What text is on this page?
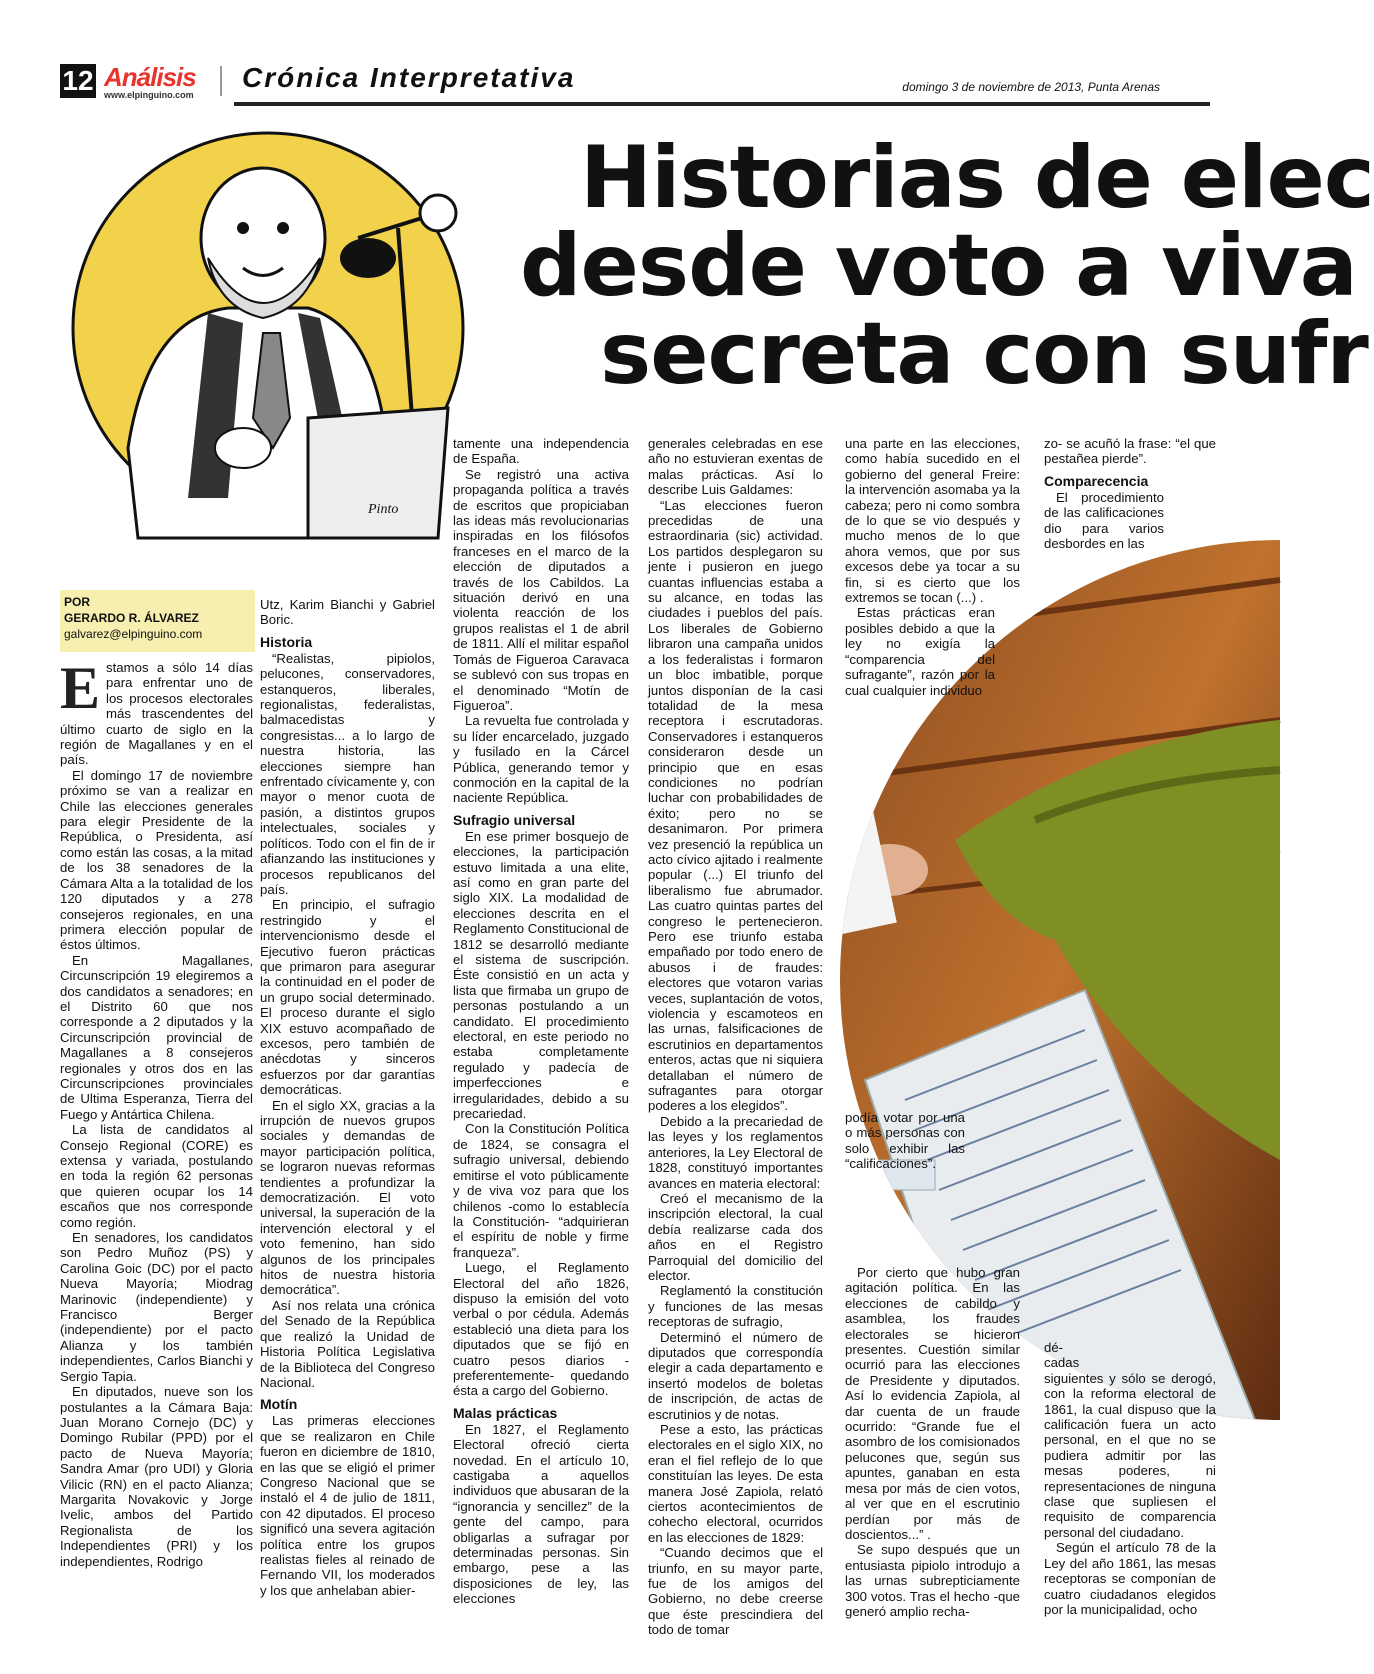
12 Análisis
www.elpinguino.com
Crónica Interpretativa	domingo 3 de noviembre de 2013, Punta Arenas
Historias de elec
desde voto a viva
secreta con sufr
Pinto
POR
GERARDO R. ÁLVAREZ
galvarez@elpinguino.com

Estamos a sólo 14 días para enfrentar uno de los procesos electorales más trascendentes del último cuarto de siglo en la región de Magallanes y en el país.

El domingo 17 de noviembre próximo se van a realizar en Chile las elecciones generales para elegir Presidente de la República, o Presidenta, así como están las cosas, a la mitad de los 38 senadores de la Cámara Alta a la totalidad de los 120 diputados y a 278 consejeros regionales, en una primera elección popular de éstos últimos.

En Magallanes, Circunscripción 19 elegiremos a dos candidatos a senadores; en el Distrito 60 que nos corresponde a 2 diputados y la Circunscripción provincial de Magallanes a 8 consejeros regionales y otros dos en las Circunscripciones provinciales de Ultima Esperanza, Tierra del Fuego y Antártica Chilena.

La lista de candidatos al Consejo Regional (CORE) es extensa y variada, postulando en toda la región 62 personas que quieren ocupar los 14 escaños que nos corresponde como región.

En senadores, los candidatos son Pedro Muñoz (PS) y Carolina Goic (DC) por el pacto Nueva Mayoría; Miodrag Marinovic (independiente) y Francisco Berger (independiente) por el pacto Alianza y los también independientes, Carlos Bianchi y Sergio Tapia.

En diputados, nueve son los postulantes a la Cámara Baja: Juan Morano Cornejo (DC) y Domingo Rubilar (PPD) por el pacto de Nueva Mayoría; Sandra Amar (pro UDI) y Gloria Vilicic (RN) en el pacto Alianza; Margarita Novakovic y Jorge Ivelic, ambos del Partido Regionalista de los Independientes (PRI) y los independientes, Rodrigo

Utz, Karim Bianchi y Gabriel Boric.

Historia

“Realistas, pipiolos, pelucones, conservadores, estanqueros, liberales, regionalistas, federalistas, balmacedistas y congresistas... a lo largo de nuestra historia, las elecciones siempre han enfrentado cívicamente y, con mayor o menor cuota de pasión, a distintos grupos intelectuales, sociales y políticos. Todo con el fin de ir afianzando las instituciones y procesos republicanos del país.

En principio, el sufragio restringido y el intervencionismo desde el Ejecutivo fueron prácticas que primaron para asegurar la continuidad en el poder de un grupo social determinado. El proceso durante el siglo XIX estuvo acompañado de excesos, pero también de anécdotas y sinceros esfuerzos por dar garantías democráticas.

En el siglo XX, gracias a la irrupción de nuevos grupos sociales y demandas de mayor participación política, se lograron nuevas reformas tendientes a profundizar la democratización. El voto universal, la superación de la intervención electoral y el voto femenino, han sido algunos de los principales hitos de nuestra historia democrática”.

Así nos relata una crónica del Senado de la República que realizó la Unidad de Historia Política Legislativa de la Biblioteca del Congreso Nacional.

Motín

Las primeras elecciones que se realizaron en Chile fueron en diciembre de 1810, en las que se eligió el primer Congreso Nacional que se instaló el 4 de julio de 1811, con 42 diputados. El proceso significó una severa agitación política entre los grupos realistas fieles al reinado de Fernando VII, los moderados y los que anhelaban abier-

tamente una independencia de España.

Se registró una activa propaganda política a través de escritos que propiciaban las ideas más revolucionarias inspiradas en los filósofos franceses en el marco de la elección de diputados a través de los Cabildos. La situación derivó en una violenta reacción de los grupos realistas el 1 de abril de 1811. Allí el militar español Tomás de Figueroa Caravaca se sublevó con sus tropas en el denominado “Motín de Figueroa”.

La revuelta fue controlada y su líder encarcelado, juzgado y fusilado en la Cárcel Pública, generando temor y conmoción en la capital de la naciente República.

Sufragio universal

En ese primer bosquejo de elecciones, la participación estuvo limitada a una elite, así como en gran parte del siglo XIX. La modalidad de elecciones descrita en el Reglamento Constitucional de 1812 se desarrolló mediante el sistema de suscripción. Éste consistió en un acta y lista que firmaba un grupo de personas postulando a un candidato. El procedimiento electoral, en este periodo no estaba completamente regulado y padecía de imperfecciones e irregularidades, debido a su precariedad.

Con la Constitución Política de 1824, se consagra el sufragio universal, debiendo emitirse el voto públicamente y de viva voz para que los chilenos -como lo establecía la Constitución- “adquirieran el espíritu de noble y firme franqueza”.

Luego, el Reglamento Electoral del año 1826, dispuso la emisión del voto verbal o por cédula. Además estableció una dieta para los diputados que se fijó en cuatro pesos diarios -preferentemente- quedando ésta a cargo del Gobierno.

Malas prácticas

En 1827, el Reglamento Electoral ofreció cierta novedad. En el artículo 10, castigaba a aquellos individuos que abusaran de la “ignorancia y sencillez” de la gente del campo, para obligarlas a sufragar por determinadas personas. Sin embargo, pese a las disposiciones de ley, las elecciones

generales celebradas en ese año no estuvieran exentas de malas prácticas. Así lo describe Luis Galdames:

“Las elecciones fueron precedidas de una estraordinaria (sic) actividad. Los partidos desplegaron su jente i pusieron en juego cuantas influencias estaba a su alcance, en todas las ciudades i pueblos del país. Los liberales de Gobierno libraron una campaña unidos a los federalistas i formaron un bloc imbatible, porque juntos disponían de la casi totalidad de la mesa receptora i escrutadoras. Conservadores i estanqueros consideraron desde un principio que en esas condiciones no podrían luchar con probabilidades de éxito; pero no se desanimaron. Por primera vez presenció la república un acto cívico ajitado i realmente popular (...) El triunfo del liberalismo fue abrumador. Las cuatro quintas partes del congreso le pertenecieron. Pero ese triunfo estaba empañado por todo enero de abusos i de fraudes: electores que votaron varias veces, suplantación de votos, violencia y escamoteos en las urnas, falsificaciones de escrutinios en departamentos enteros, actas que ni siquiera detallaban el número de sufragantes para otorgar poderes a los elegidos”.

Debido a la precariedad de las leyes y los reglamentos anteriores, la Ley Electoral de 1828, constituyó importantes avances en materia electoral:

Creó el mecanismo de la inscripción electoral, la cual debía realizarse cada dos años en el Registro Parroquial del domicilio del elector.

Reglamentó la constitución y funciones de las mesas receptoras de sufragio,

Determinó el número de diputados que correspondía elegir a cada departamento e insertó modelos de boletas de inscripción, de actas de escrutinios y de notas.

Pese a esto, las prácticas electorales en el siglo XIX, no eran el fiel reflejo de lo que constituían las leyes. De esta manera José Zapiola, relató ciertos acontecimientos de cohecho electoral, ocurridos en las elecciones de 1829:

“Cuando decimos que el triunfo, en su mayor parte, fue de los amigos del Gobierno, no debe creerse que éste prescindiera del todo de tomar

una parte en las elecciones, como había sucedido en el gobierno del general Freire: la intervención asomaba ya la cabeza; pero ni como sombra de lo que se vio después y mucho menos de lo que ahora vemos, que por sus excesos debe ya tocar a su fin, si es cierto que los extremos se tocan (...) .

Estas prácticas eran posibles debido a que la ley no exigía la “comparencia del sufragante”, razón por la cual cualquier individuo

podía votar por una o más personas con solo exhibir las “calificaciones”.

Por cierto que hubo gran agitación política. En las elecciones de cabildo y asamblea, los fraudes electorales se hicieron presentes. Cuestión similar ocurrió para las elecciones de Presidente y diputados. Así lo evidencia Zapiola, al dar cuenta de un fraude ocurrido: “Grande fue el asombro de los comisionados pelucones que, según sus apuntes, ganaban en esta mesa por más de cien votos, al ver que en el escrutinio perdían por más de doscientos...” .

Se supo después que un entusiasta pipiolo introdujo a las urnas subrepticiamente 300 votos. Tras el hecho -que generó amplio recha-

zo- se acuñó la frase: “el que pestañea pierde”.

Comparecencia

El procedimiento de las calificaciones dio para varios desbordes en las

dé-

cadas

siguientes y sólo se derogó, con la reforma electoral de 1861, la cual dispuso que la calificación fuera un acto personal, en el que no se pudiera admitir por las mesas poderes, ni representaciones de ninguna clase que supliesen el requisito de comparencia personal del ciudadano.

Según el artículo 78 de la Ley del año 1861, las mesas receptoras se componían de cuatro ciudadanos elegidos por la municipalidad, ocho
